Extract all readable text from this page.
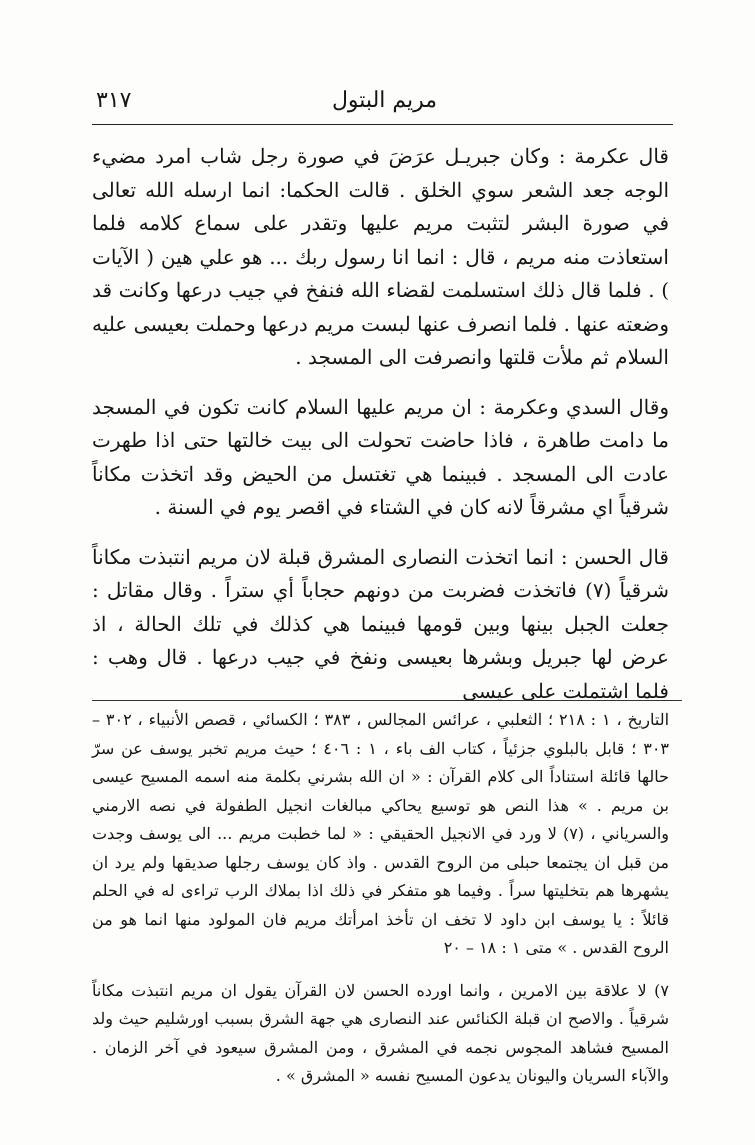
مريم البتول
٣١٧

قال عكرمة : وكان جبريـل عرَضَ في صورة رجل شاب امرد مضيء الوجه جعد الشعر سوي الخلق . قالت الحكما: انما ارسله الله تعالى في صورة البشر لتثبت مريم عليها وتقدر على سماع كلامه فلما استعاذت منه مريم ، قال : انما انا رسول ربك ... هو علي هين ( الآيات ) . فلما قال ذلك استسلمت لقضاء الله فنفخ في جيب درعها وكانت قد وضعته عنها . فلما انصرف عنها لبست مريم درعها وحملت بعيسى عليه السلام ثم ملأت قلتها وانصرفت الى المسجد .

وقال السدي وعكرمة : ان مريم عليها السلام كانت تكون في المسجد ما دامت طاهرة ، فاذا حاضت تحولت الى بيت خالتها حتى اذا طهرت عادت الى المسجد . فبينما هي تغتسل من الحيض وقد اتخذت مكاناً شرقياً اي مشرقاً لانه كان في الشتاء في اقصر يوم في السنة .

قال الحسن : انما اتخذت النصارى المشرق قبلة لان مريم انتبذت مكاناً شرقياً (٧) فاتخذت فضربت من دونهم حجاباً أي ستراً . وقال مقاتل : جعلت الجبل بينها وبين قومها فبينما هي كذلك في تلك الحالة ، اذ عرض لها جبريل وبشرها بعيسى ونفخ في جيب درعها . قال وهب : فلما اشتملت على عيسى

التاريخ ، ١ : ٢١٨ ؛ الثعلبي ، عرائس المجالس ، ٣٨٣ ؛ الكسائي ، قصص الأنبياء ، ٣٠٢ – ٣٠٣ ؛ قابل بالبلوي جزئياً ، كتاب الف باء ، ١ : ٤٠٦ ؛ حيث مريم تخبر يوسف عن سرّ حالها قائلة استناداً الى كلام القرآن : « ان الله بشرني بكلمة منه اسمه المسيح عيسى بن مريم . » هذا النص هو توسيع يحاكي مبالغات انجيل الطفولة في نصه الارمني والسرياني ، (٧) لا ورد في الانجيل الحقيقي : « لما خطبت مريم ... الى يوسف وجدت من قبل ان يجتمعا حبلى من الروح القدس . واذ كان يوسف رجلها صديقها ولم يرد ان يشهرها هم بتخليتها سراً . وفيما هو متفكر في ذلك اذا بملاك الرب تراءى له في الحلم قائلاً : يا يوسف ابن داود لا تخف ان تأخذ امرأتك مريم فان المولود منها انما هو من الروح القدس . » متى ١ : ١٨ – ٢٠

٧) لا علاقة بين الامرين ، وانما اورده الحسن لان القرآن يقول ان مريم انتبذت مكاناً شرقياً . والاصح ان قبلة الكنائس عند النصارى هي جهة الشرق بسبب اورشليم حيث ولد المسيح فشاهد المجوس نجمه في المشرق ، ومن المشرق سيعود في آخر الزمان . والآباء السريان واليونان يدعون المسيح نفسه « المشرق » .
